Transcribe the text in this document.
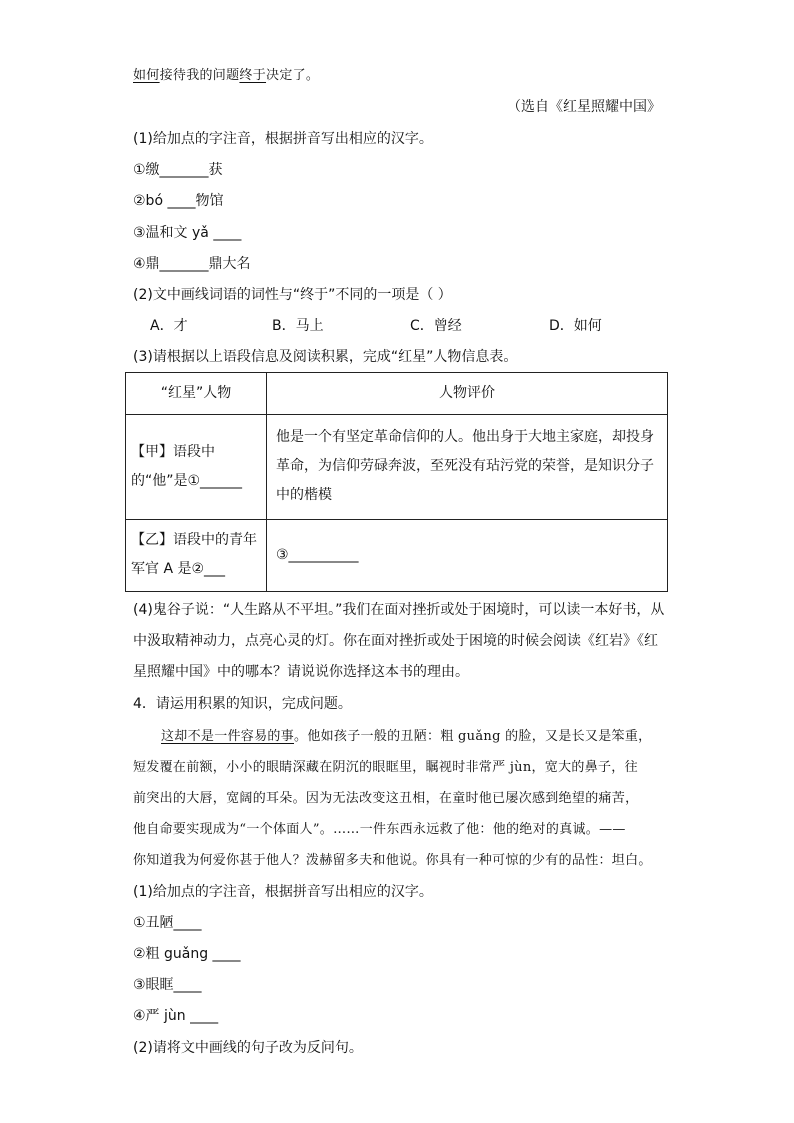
如何接待我的问题终于决定了。
（选自《红星照耀中国》
(1)给加点的字注音，根据拼音写出相应的汉字。
①缴_______获
②bó ____物馆
③温和文 yǎ ____
④鼎_______鼎大名
(2)文中画线词语的词性与“终于”不同的一项是（ ）
A．才	B．马上	C．曾经	D．如何
(3)请根据以上语段信息及阅读积累，完成“红星”人物信息表。
“红星”人物	人物评价
【甲】语段中的“他”是①______	他是一个有坚定革命信仰的人。他出身于大地主家庭，却投身革命，为信仰劳碌奔波，至死没有玷污党的荣誉，是知识分子中的楷模
【乙】语段中的青年军官 A 是②___	③__________
(4)鬼谷子说：“人生路从不平坦。”我们在面对挫折或处于困境时，可以读一本好书，从
中汲取精神动力，点亮心灵的灯。你在面对挫折或处于困境的时候会阅读《红岩》《红
星照耀中国》中的哪本？请说说你选择这本书的理由。
4．请运用积累的知识，完成问题。
这却不是一件容易的事。他如孩子一般的丑陋：粗 guǎng 的脸，又是长又是笨重，
短发覆在前额，小小的眼睛深藏在阴沉的眼眶里，瞩视时非常严 jùn，宽大的鼻子，往
前突出的大唇，宽阔的耳朵。因为无法改变这丑相，在童时他已屡次感到绝望的痛苦，
他自命要实现成为“一个体面人”。……一件东西永远救了他：他的绝对的真诚。——
你知道我为何爱你甚于他人？泼赫留多夫和他说。你具有一种可惊的少有的品性：坦白。
(1)给加点的字注音，根据拼音写出相应的汉字。
①丑陋____
②粗 guǎng ____
③眼眶____
④严 jùn ____
(2)请将文中画线的句子改为反问句。
